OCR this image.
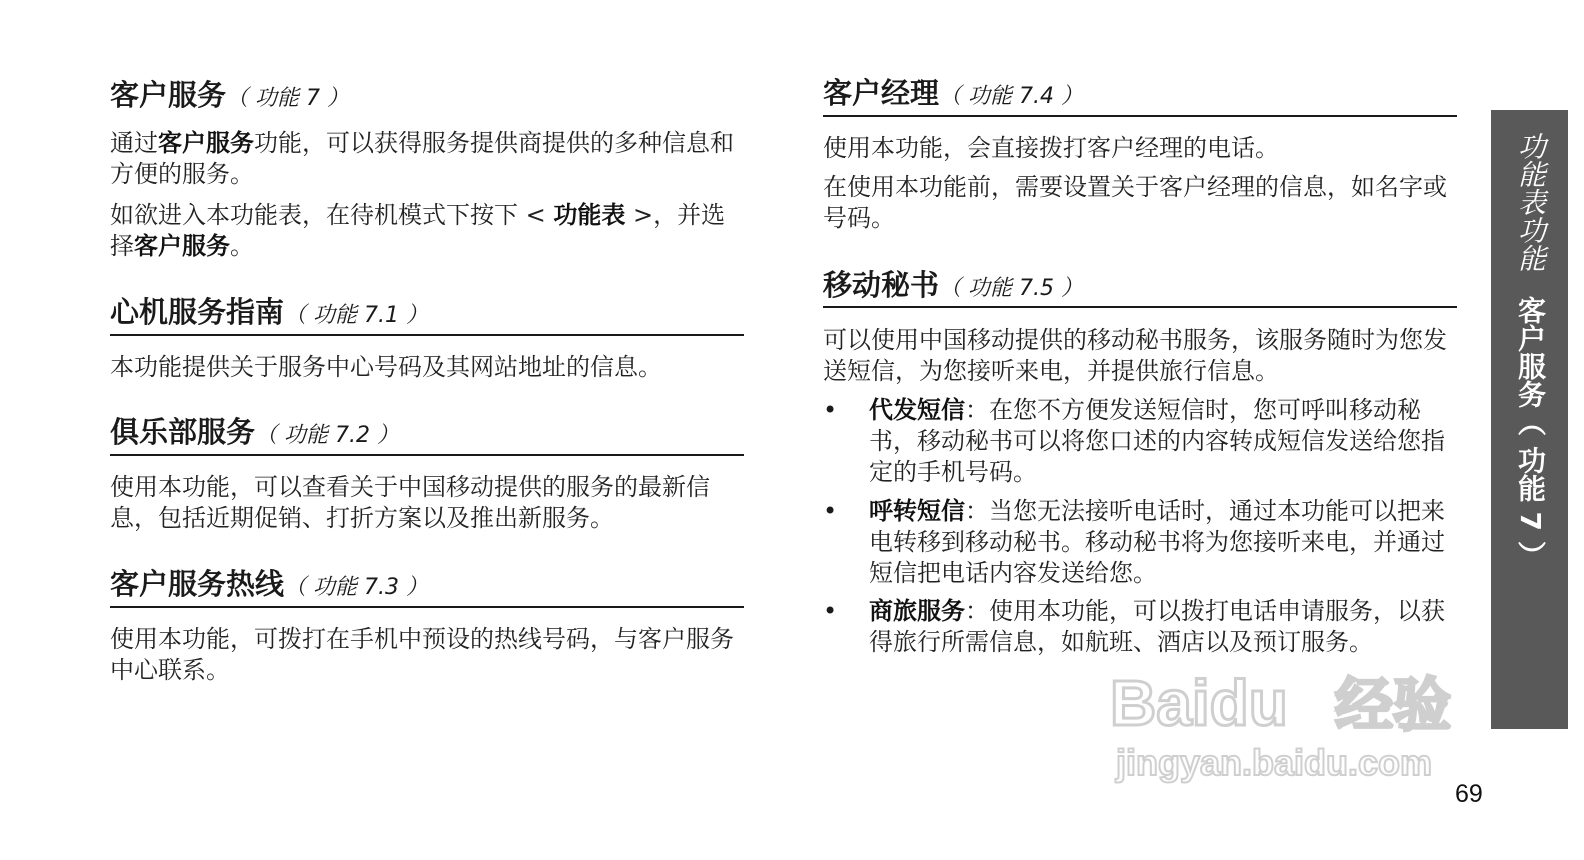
客户服务（ 功能 7 ）
通过客户服务功能，可以获得服务提供商提供的多种信息和方便的服务。
如欲进入本功能表，在待机模式下按下 < 功能表 >，并选择客户服务。
心机服务指南（ 功能 7.1 ）
本功能提供关于服务中心号码及其网站地址的信息。
俱乐部服务（ 功能 7.2 ）
使用本功能，可以查看关于中国移动提供的服务的最新信息，包括近期促销、打折方案以及推出新服务。
客户服务热线（ 功能 7.3 ）
使用本功能，可拨打在手机中预设的热线号码，与客户服务中心联系。
客户经理（ 功能 7.4 ）
使用本功能，会直接拨打客户经理的电话。
在使用本功能前，需要设置关于客户经理的信息，如名字或号码。
移动秘书（ 功能 7.5 ）
可以使用中国移动提供的移动秘书服务，该服务随时为您发送短信，为您接听来电，并提供旅行信息。
• 代发短信：在您不方便发送短信时，您可呼叫移动秘书，移动秘书可以将您口述的内容转成短信发送给您指定的手机号码。
• 呼转短信：当您无法接听电话时，通过本功能可以把来电转移到移动秘书。移动秘书将为您接听来电，并通过短信把电话内容发送给您。
• 商旅服务：使用本功能，可以拨打电话申请服务，以获得旅行所需信息，如航班、酒店以及预订服务。
功能表功能客户服务（ 功能 7 ）
Baidu 经验
jingyan.baidu.com
69
